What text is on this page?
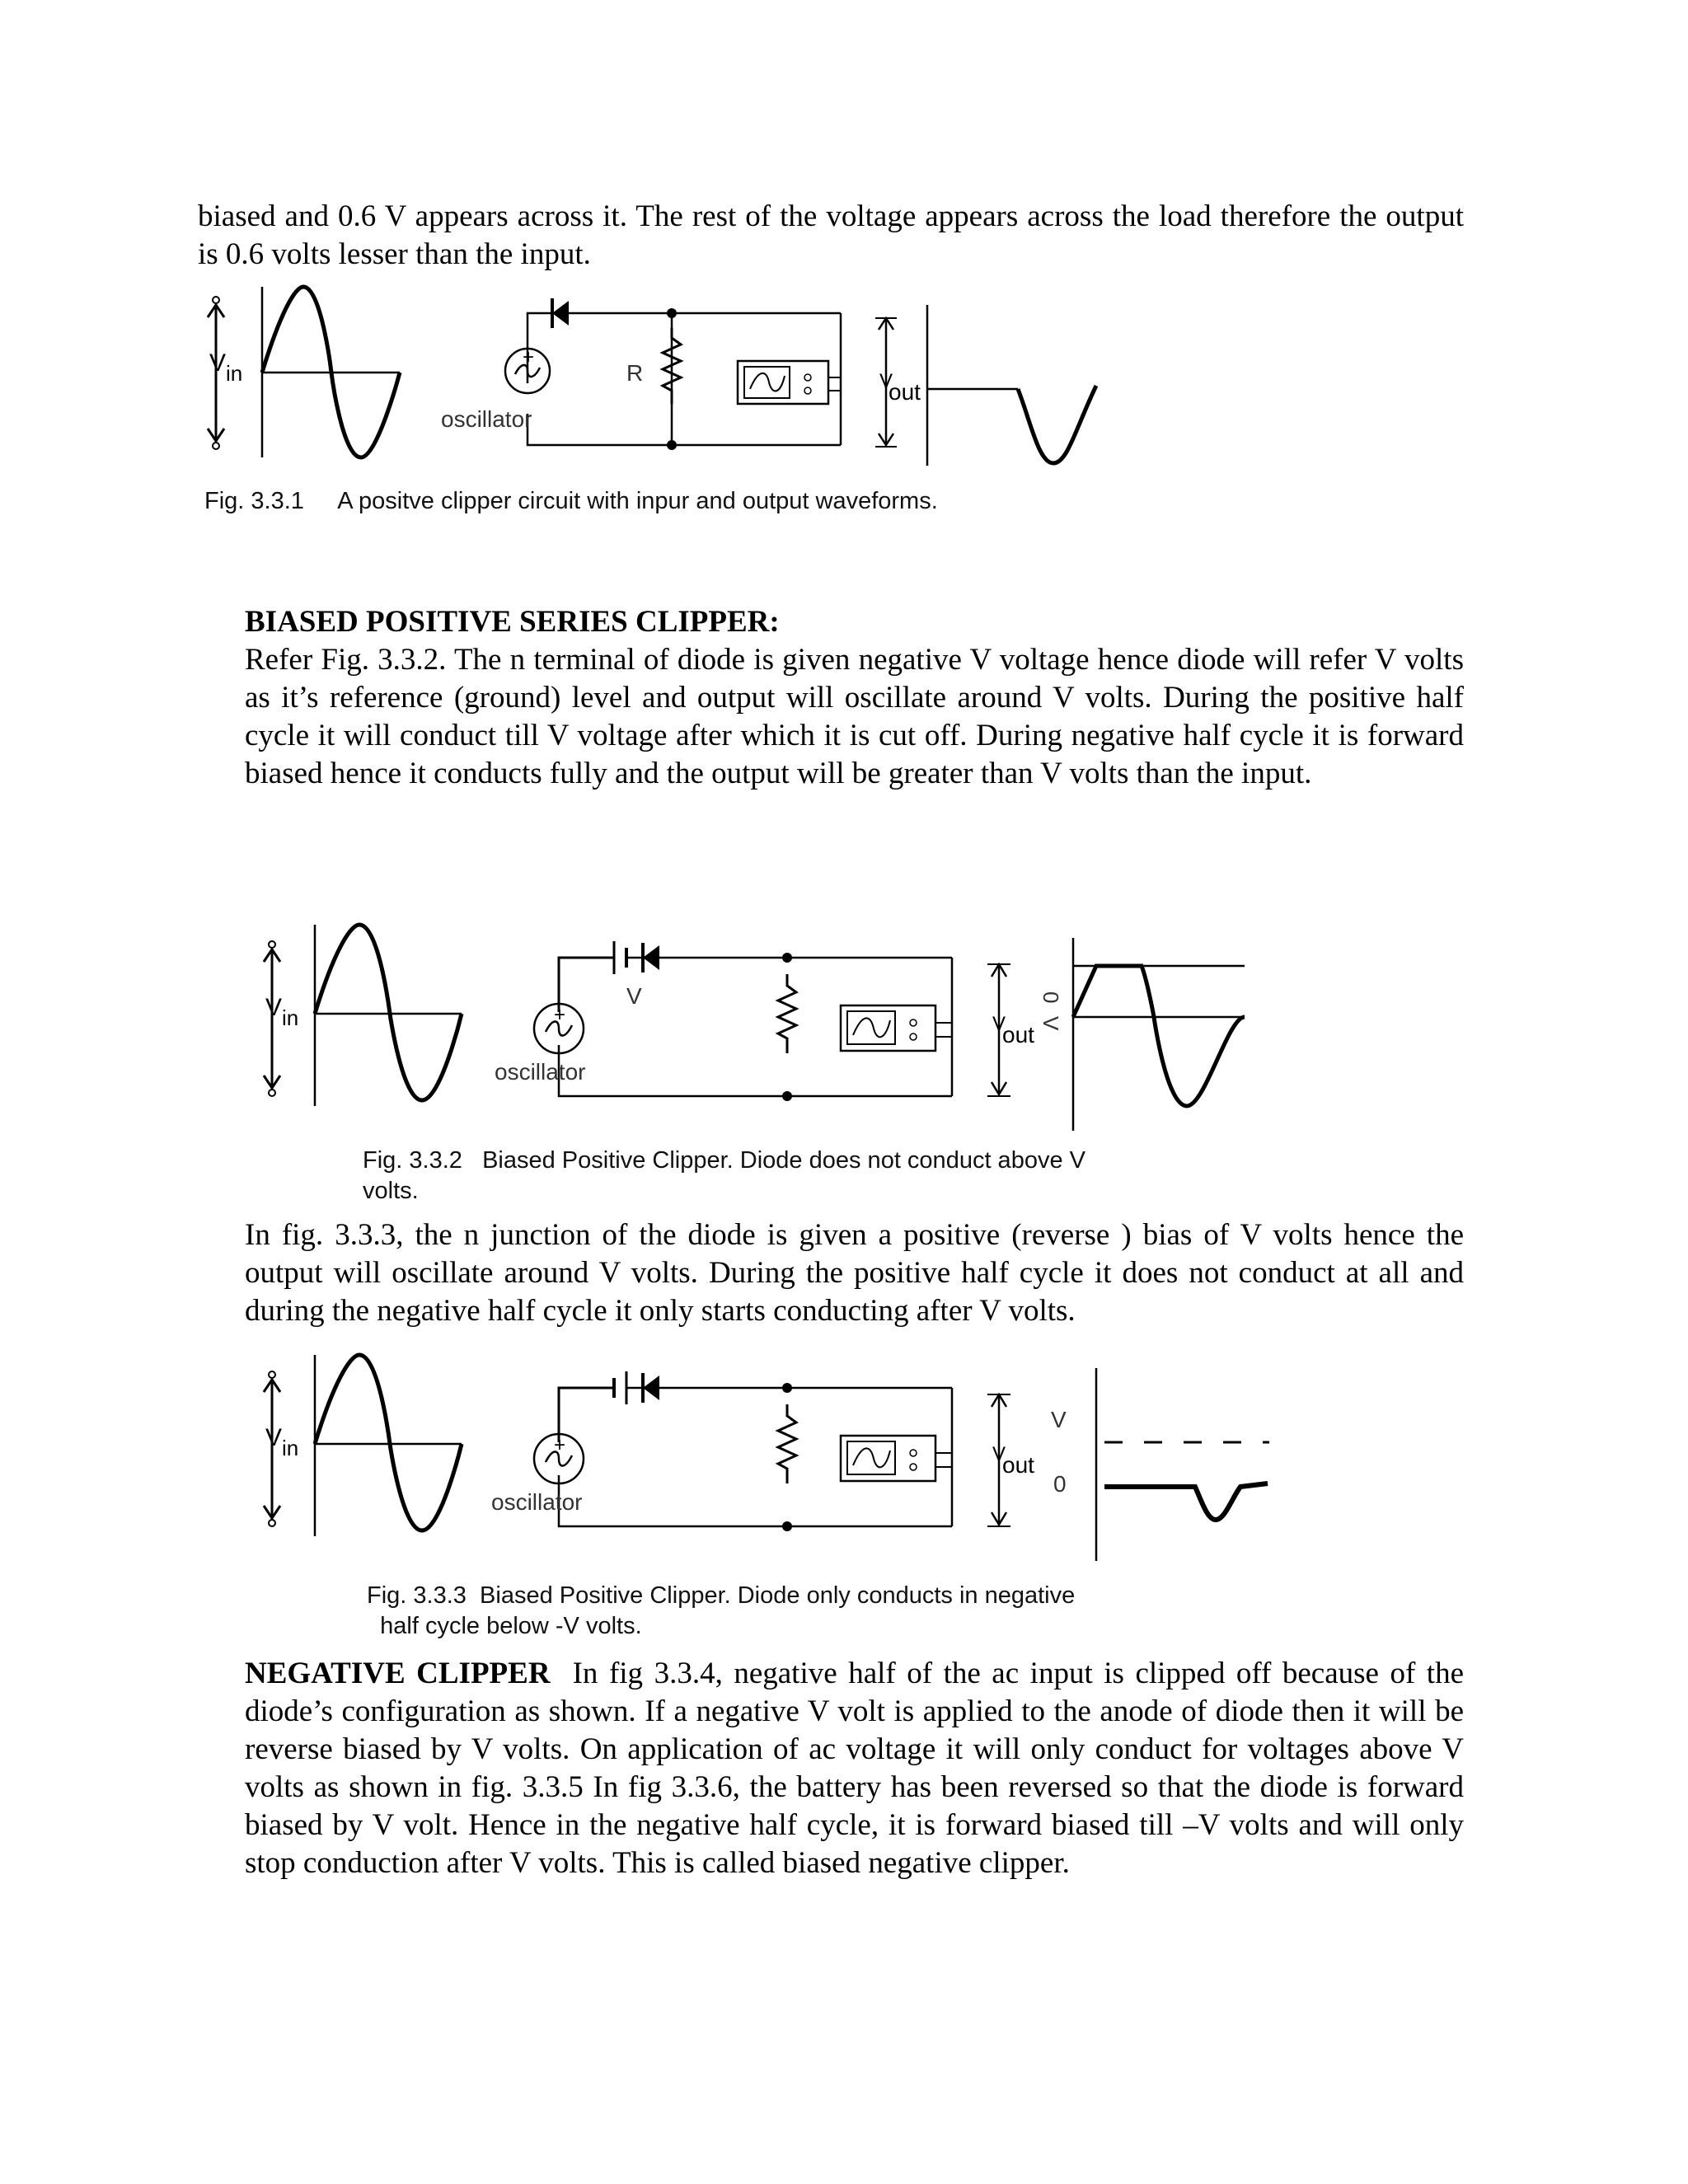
biased and 0.6 V appears across it. The rest of the voltage appears across the load therefore the output is 0.6 volts lesser than the input.

+
V in
oscillator
R	V
out

Fig. 3.3.1 A positve clipper circuit with inpur and output waveforms.

BIASED POSITIVE SERIES CLIPPER:

Refer Fig. 3.3.2. The n terminal of diode is given negative V voltage hence diode will refer V volts as it’s reference (ground) level and output will oscillate around V volts. During the positive half cycle it will conduct till V voltage after which it is cut off. During negative half cycle it is forward biased hence it conducts fully and the output will be greater than V volts than the input.

+
V in
oscillator
V
V
out
0
V

Fig. 3.3.2 Biased Positive Clipper. Diode does not conduct above V
volts.

In fig. 3.3.3, the n junction of the diode is given a positive (reverse ) bias of V volts hence the output will oscillate around V volts. During the positive half cycle it does not conduct at all and during the negative half cycle it only starts conducting after V volts.

+
V in
oscillator
V
out
V
0

Fig. 3.3.3 Biased Positive Clipper. Diode only conducts in negative
half cycle below -V volts.

NEGATIVE CLIPPER In fig 3.3.4, negative half of the ac input is clipped off because of the diode’s configuration as shown. If a negative V volt is applied to the anode of diode then it will be reverse biased by V volts. On application of ac voltage it will only conduct for voltages above V volts as shown in fig. 3.3.5 In fig 3.3.6, the battery has been reversed so that the diode is forward biased by V volt. Hence in the negative half cycle, it is forward biased till –V volts and will only stop conduction after V volts. This is called biased negative clipper.
